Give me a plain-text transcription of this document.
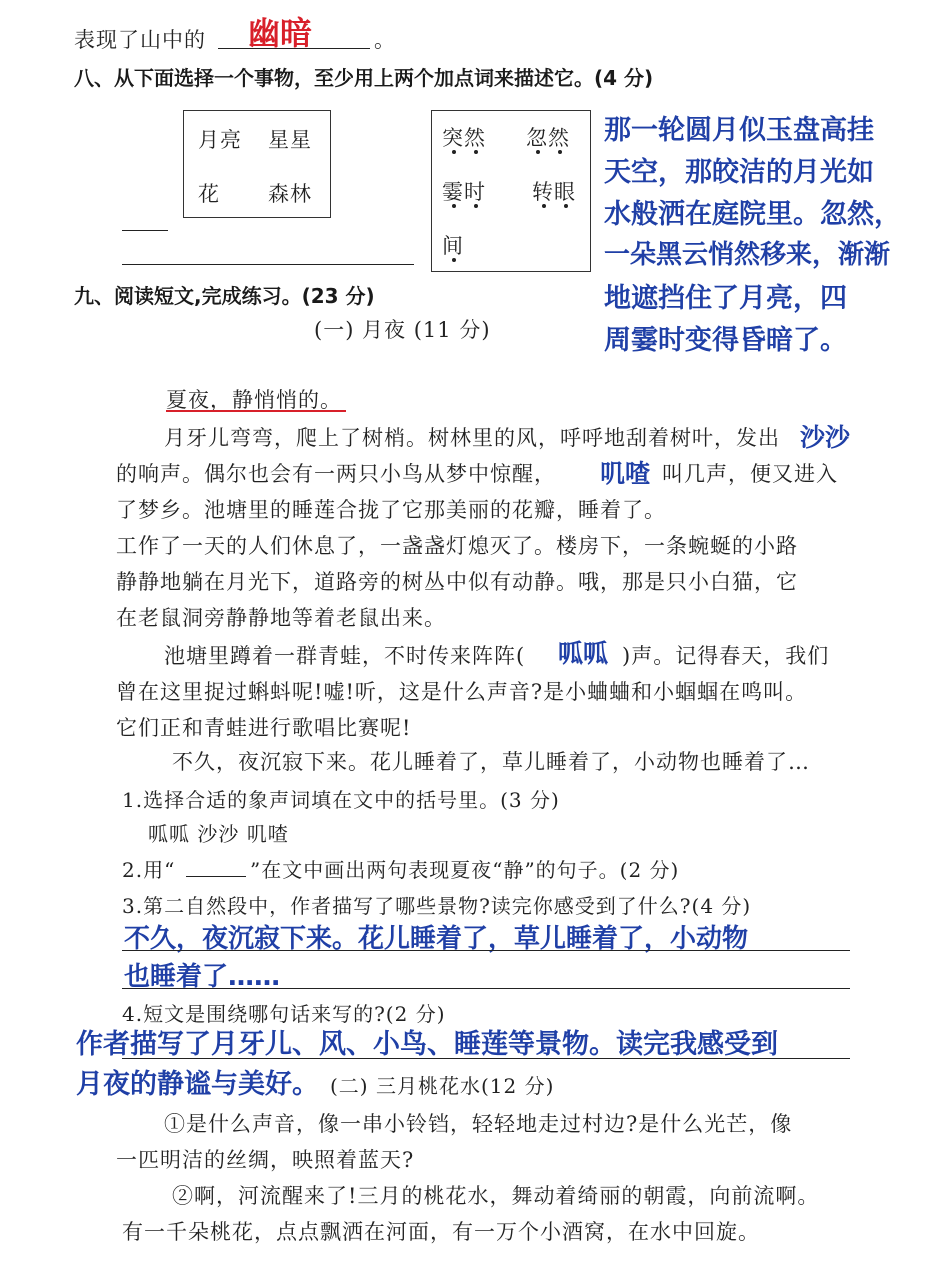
表现了山中的 幽暗	。
八、从下面选择一个事物，至少用上两个加点词来描述它。(4 分)
月亮 星星
花 森林
突然 忽然
霎时 转眼
间
那一轮圆月似玉盘高挂
天空，那皎洁的月光如
水般洒在庭院里。忽然，
一朵黑云悄然移来，渐渐
地遮挡住了月亮，四
周霎时变得昏暗了。
九、阅读短文,完成练习。(23 分)
(一) 月夜 (11 分)
夏夜，静悄悄的。
月牙儿弯弯，爬上了树梢。树林里的风，呼呼地刮着树叶，发出 沙沙
的响声。偶尔也会有一两只小鸟从梦中惊醒， 叽喳 叫几声，便又进入
了梦乡。池塘里的睡莲合拢了它那美丽的花瓣，睡着了。
工作了一天的人们休息了，一盏盏灯熄灭了。楼房下，一条蜿蜒的小路
静静地躺在月光下，道路旁的树丛中似有动静。哦，那是只小白猫，它
在老鼠洞旁静静地等着老鼠出来。
池塘里蹲着一群青蛙，不时传来阵阵( 呱呱 )声。记得春天，我们
曾在这里捉过蝌蚪呢!嘘!听，这是什么声音?是小蛐蛐和小蝈蝈在鸣叫。
它们正和青蛙进行歌唱比赛呢!
不久，夜沉寂下来。花儿睡着了，草儿睡着了，小动物也睡着了…
1.选择合适的象声词填在文中的括号里。(3 分)
呱呱 沙沙 叽喳
2.用“	”在文中画出两句表现夏夜“静”的句子。(2 分)
3.第二自然段中，作者描写了哪些景物?读完你感受到了什么?(4 分)
不久，夜沉寂下来。花儿睡着了，草儿睡着了，小动物
也睡着了……
4.短文是围绕哪句话来写的?(2 分)
作者描写了月牙儿、风、小鸟、睡莲等景物。读完我感受到
月夜的静谧与美好。 (二) 三月桃花水(12 分)
①是什么声音，像一串小铃铛，轻轻地走过村边?是什么光芒，像
一匹明洁的丝绸，映照着蓝天?
②啊，河流醒来了!三月的桃花水，舞动着绮丽的朝霞，向前流啊。
有一千朵桃花，点点飘洒在河面，有一万个小酒窝，在水中回旋。
